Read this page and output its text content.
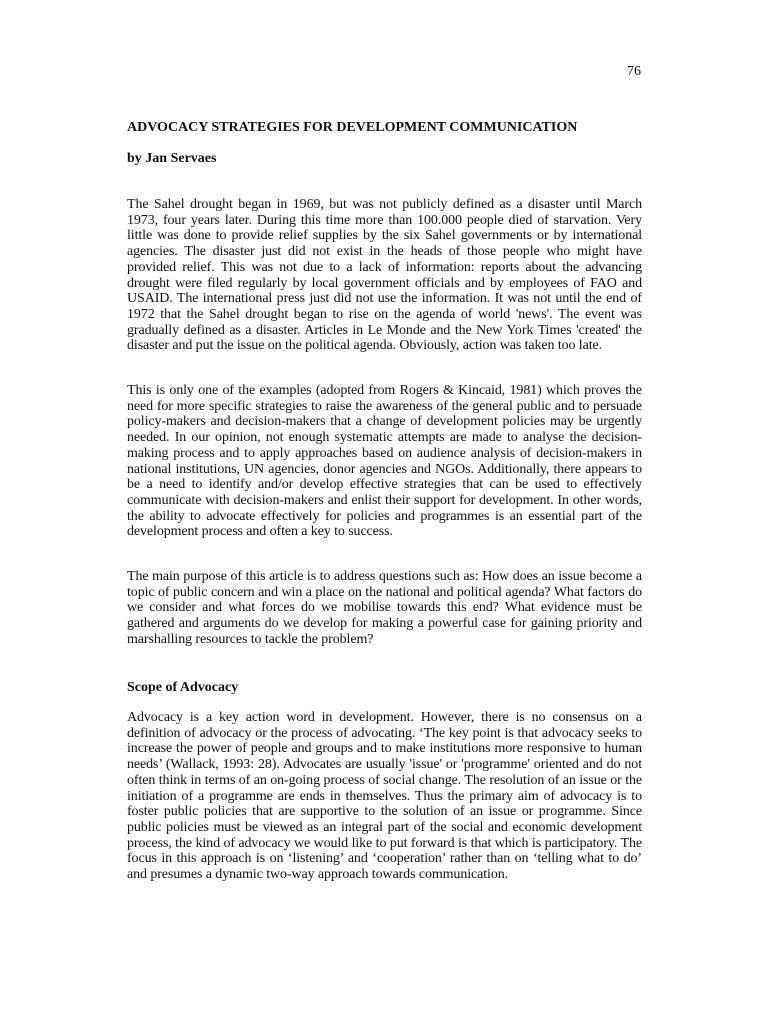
76
ADVOCACY STRATEGIES FOR DEVELOPMENT COMMUNICATION

by Jan Servaes

The Sahel drought began in 1969, but was not publicly defined as a disaster until March 1973, four years later. During this time more than 100.000 people died of starvation. Very little was done to provide relief supplies by the six Sahel governments or by international agencies. The disaster just did not exist in the heads of those people who might have provided relief. This was not due to a lack of information: reports about the advancing drought were filed regularly by local government officials and by employees of FAO and USAID. The international press just did not use the information. It was not until the end of 1972 that the Sahel drought began to rise on the agenda of world 'news'. The event was gradually defined as a disaster. Articles in Le Monde and the New York Times 'created' the disaster and put the issue on the political agenda. Obviously, action was taken too late.

This is only one of the examples (adopted from Rogers & Kincaid, 1981) which proves the need for more specific strategies to raise the awareness of the general public and to persuade policy-makers and decision-makers that a change of development policies may be urgently needed. In our opinion, not enough systematic attempts are made to analyse the decision-making process and to apply approaches based on audience analysis of decision-makers in national institutions, UN agencies, donor agencies and NGOs. Additionally, there appears to be a need to identify and/or develop effective strategies that can be used to effectively communicate with decision-makers and enlist their support for development. In other words, the ability to advocate effectively for policies and programmes is an essential part of the development process and often a key to success.

The main purpose of this article is to address questions such as: How does an issue become a topic of public concern and win a place on the national and political agenda? What factors do we consider and what forces do we mobilise towards this end? What evidence must be gathered and arguments do we develop for making a powerful case for gaining priority and marshalling resources to tackle the problem?

Scope of Advocacy

Advocacy is a key action word in development. However, there is no consensus on a definition of advocacy or the process of advocating. ‘The key point is that advocacy seeks to increase the power of people and groups and to make institutions more responsive to human needs’ (Wallack, 1993: 28). Advocates are usually 'issue' or 'programme' oriented and do not often think in terms of an on-going process of social change. The resolution of an issue or the initiation of a programme are ends in themselves. Thus the primary aim of advocacy is to foster public policies that are supportive to the solution of an issue or programme. Since public policies must be viewed as an integral part of the social and economic development process, the kind of advocacy we would like to put forward is that which is participatory. The focus in this approach is on ‘listening’ and ‘cooperation’ rather than on ‘telling what to do’ and presumes a dynamic two-way approach towards communication.
